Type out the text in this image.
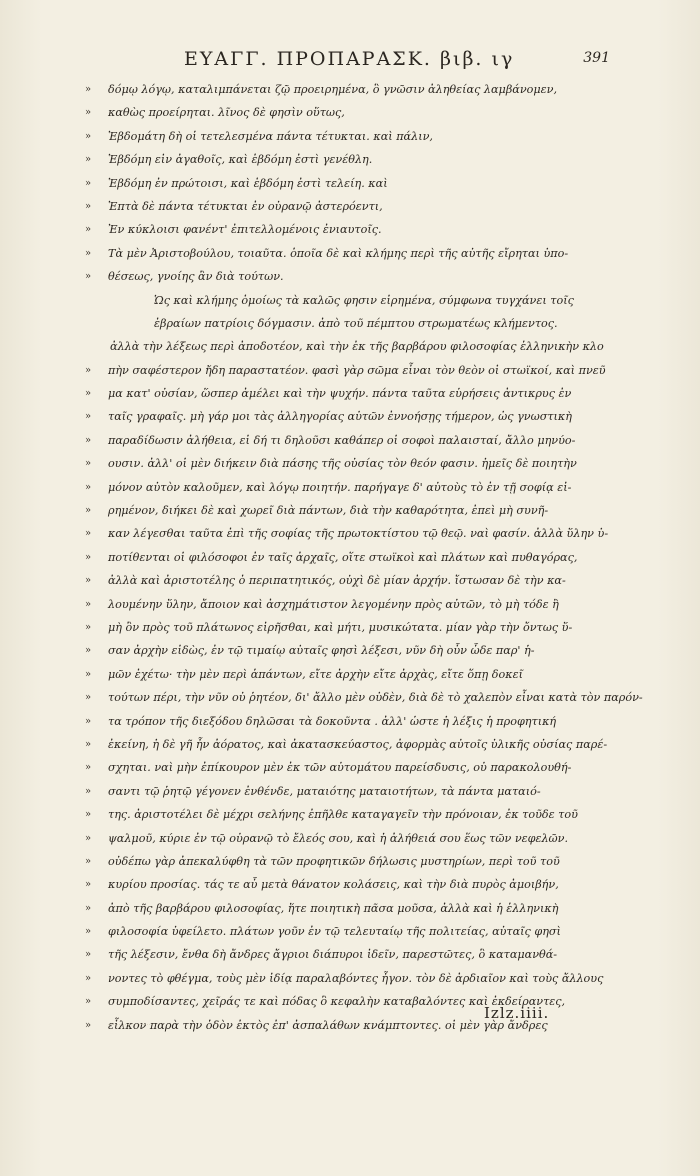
ΕΥΑΓΓ. ΠΡΟΠΑΡΑΣΚ. βιβ. ιγ	391
» δόμῳ λόγῳ, καταλιμπάνεται ζῷ προειρημένα, ὃ γνῶσιν ἀληθείας λαμβάνομεν,
» καθὼς προείρηται. λῖνος δὲ φησὶν οὕτως,
» Ἑβδομάτη δὴ οἱ τετελεσμένα πάντα τέτυκται. καὶ πάλιν,
» Ἑβδόμη εἰν ἀγαθοῖς, καὶ ἑβδόμη ἐστὶ γενέθλη.
» Ἑβδόμη ἐν πρώτοισι, καὶ ἑβδόμη ἐστὶ τελείη. καὶ
» Ἑπτὰ δὲ πάντα τέτυκται ἐν οὐρανῷ ἀστερόεντι,
» Ἐν κύκλοισι φανέντ' ἐπιτελλομένοις ἐνιαυτοῖς.
» Τὰ μὲν Ἀριστοβούλου, τοιαῦτα. ὁποῖα δὲ καὶ κλήμης περὶ τῆς αὐτῆς εἴρηται ὑπο-
» θέσεως, γνοίης ἂν διὰ τούτων.
Ὡς καὶ κλήμης ὁμοίως τὰ καλῶς φησιν εἰρημένα, σύμφωνα τυγχάνει τοῖς
ἑβραίων πατρίοις δόγμασιν. ἀπὸ τοῦ πέμπτου στρωματέως κλήμεντος.
ἀλλὰ τὴν λέξεως περὶ ἀποδοτέον, καὶ τὴν ἐκ τῆς βαρβάρου φιλοσοφίας ἑλληνικὴν κλο
» πὴν σαφέστερον ἤδη παραστατέον. φασὶ γὰρ σῶμα εἶναι τὸν θεὸν οἱ στωϊκοί, καὶ πνεῦ
» μα κατ' οὐσίαν, ὥσπερ ἀμέλει καὶ τὴν ψυχήν. πάντα ταῦτα εὑρήσεις ἀντικρυς ἐν
» ταῖς γραφαῖς. μὴ γάρ μοι τὰς ἀλληγορίας αὐτῶν ἐννοήσῃς τήμερον, ὡς γνωστικὴ
» παραδίδωσιν ἀλήθεια, εἰ δή τι δηλοῦσι καθάπερ οἱ σοφοὶ παλαισταί, ἄλλο μηνύο-
» ουσιν. ἀλλ' οἱ μὲν διήκειν διὰ πάσης τῆς οὐσίας τὸν θεόν φασιν. ἡμεῖς δὲ ποιητὴν
» μόνον αὐτὸν καλοῦμεν, καὶ λόγῳ ποιητήν. παρήγαγε δ' αὐτοὺς τὸ ἐν τῇ σοφίᾳ εἰ-
» ρημένον, διήκει δὲ καὶ χωρεῖ διὰ πάντων, διὰ τὴν καθαρότητα, ἐπεὶ μὴ συνῆ-
» καν λέγεσθαι ταῦτα ἐπὶ τῆς σοφίας τῆς πρωτοκτίστου τῷ θεῷ. ναὶ φασίν. ἀλλὰ ὕλην ὑ-
» ποτίθενται οἱ φιλόσοφοι ἐν ταῖς ἀρχαῖς, οἵτε στωϊκοὶ καὶ πλάτων καὶ πυθαγόρας,
» ἀλλὰ καὶ ἀριστοτέλης ὁ περιπατητικός, οὐχὶ δὲ μίαν ἀρχήν. ἴστωσαν δὲ τὴν κα-
» λουμένην ὕλην, ἄποιον καὶ ἀσχημάτιστον λεγομένην πρὸς αὐτῶν, τὸ μὴ τόδε ἢ
» μὴ ὂν πρὸς τοῦ πλάτωνος εἰρῆσθαι, καὶ μήτι, μυσικώτατα. μίαν γὰρ τὴν ὄντως ὕ-
» σαν ἀρχὴν εἰδὼς, ἐν τῷ τιμαίῳ αὐταῖς φησὶ λέξεσι, νῦν δὴ οὖν ὧδε παρ' ἡ-
» μῶν ἐχέτω· τὴν μὲν περὶ ἁπάντων, εἴτε ἀρχὴν εἴτε ἀρχὰς, εἴτε ὅπῃ δοκεῖ
» τούτων πέρι, τὴν νῦν οὐ ῥητέον, δι' ἄλλο μὲν οὐδὲν, διὰ δὲ τὸ χαλεπὸν εἶναι κατὰ τὸν παρόν-
» τα τρόπον τῆς διεξόδου δηλῶσαι τὰ δοκοῦντα . ἀλλ' ὡστε ἡ λέξις ἡ προφητική
» ἐκείνη, ἡ δὲ γῆ ἦν ἀόρατος, καὶ ἀκατασκεύαστος, ἀφορμὰς αὐτοῖς ὑλικῆς οὐσίας παρέ-
» σχηται. ναὶ μὴν ἐπίκουρον μὲν ἐκ τῶν αὐτομάτου παρείσδυσις, οὐ παρακολουθή-
» σαντι τῷ ῥητῷ γέγονεν ἐνθένδε, ματαιότης ματαιοτήτων, τὰ πάντα ματαιό-
» της. ἀριστοτέλει δὲ μέχρι σελήνης ἐπῆλθε καταγαγεῖν τὴν πρόνοιαν, ἐκ τοῦδε τοῦ
» ψαλμοῦ, κύριε ἐν τῷ οὐρανῷ τὸ ἔλεός σου, καὶ ἡ ἀλήθειά σου ἕως τῶν νεφελῶν.
» οὐδέπω γὰρ ἀπεκαλύφθη τὰ τῶν προφητικῶν δήλωσις μυστηρίων, περὶ τοῦ τοῦ
» κυρίου προσίας. τάς τε αὖ μετὰ θάνατον κολάσεις, καὶ τὴν διὰ πυρὸς ἀμοιβήν,
» ἀπὸ τῆς βαρβάρου φιλοσοφίας, ἥτε ποιητικὴ πᾶσα μοῦσα, ἀλλὰ καὶ ἡ ἑλληνικὴ
» φιλοσοφία ὑφείλετο. πλάτων γοῦν ἐν τῷ τελευταίῳ τῆς πολιτείας, αὐταῖς φησὶ
» τῆς λέξεσιν, ἔνθα δὴ ἄνδρες ἄγριοι διάπυροι ἰδεῖν, παρεστῶτες, ὃ καταμανθά-
» νοντες τὸ φθέγμα, τοὺς μὲν ἰδίᾳ παραλαβόντες ἦγον. τὸν δὲ ἀρδιαῖον καὶ τοὺς ἄλλους
» συμποδίσαντες, χεῖράς τε καὶ πόδας ὃ κεφαλὴν καταβαλόντες καὶ ἐκδείραντες,
» εἷλκον παρὰ τὴν ὁδὸν ἐκτὸς ἐπ' ἀσπαλάθων κνάμπτοντες. οἱ μὲν γὰρ ἄνδρες
Izlz.iiii.
